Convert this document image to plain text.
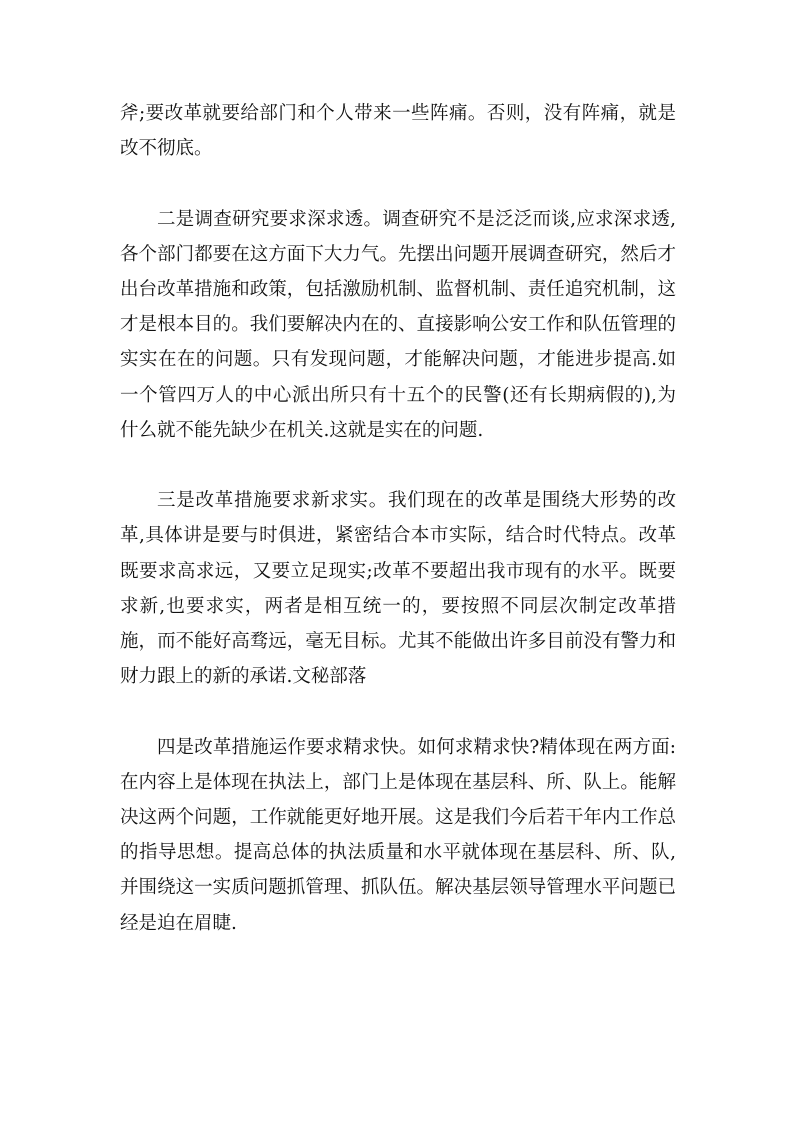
斧;要改革就要给部门和个人带来一些阵痛。否则，没有阵痛，就是改不彻底。

二是调查研究要求深求透。调查研究不是泛泛而谈,应求深求透,各个部门都要在这方面下大力气。先摆出问题开展调查研究，然后才出台改革措施和政策，包括激励机制、监督机制、责任追究机制，这才是根本目的。我们要解决内在的、直接影响公安工作和队伍管理的实实在在的问题。只有发现问题，才能解决问题，才能进步提高.如一个管四万人的中心派出所只有十五个的民警(还有长期病假的),为什么就不能先缺少在机关.这就是实在的问题.

三是改革措施要求新求实。我们现在的改革是围绕大形势的改革,具体讲是要与时俱进，紧密结合本市实际，结合时代特点。改革既要求高求远，又要立足现实;改革不要超出我市现有的水平。既要求新,也要求实，两者是相互统一的，要按照不同层次制定改革措施，而不能好高骛远，毫无目标。尤其不能做出许多目前没有警力和财力跟上的新的承诺.文秘部落

四是改革措施运作要求精求快。如何求精求快?精体现在两方面:在内容上是体现在执法上，部门上是体现在基层科、所、队上。能解决这两个问题，工作就能更好地开展。这是我们今后若干年内工作总的指导思想。提高总体的执法质量和水平就体现在基层科、所、队,并围绕这一实质问题抓管理、抓队伍。解决基层领导管理水平问题已经是迫在眉睫.
